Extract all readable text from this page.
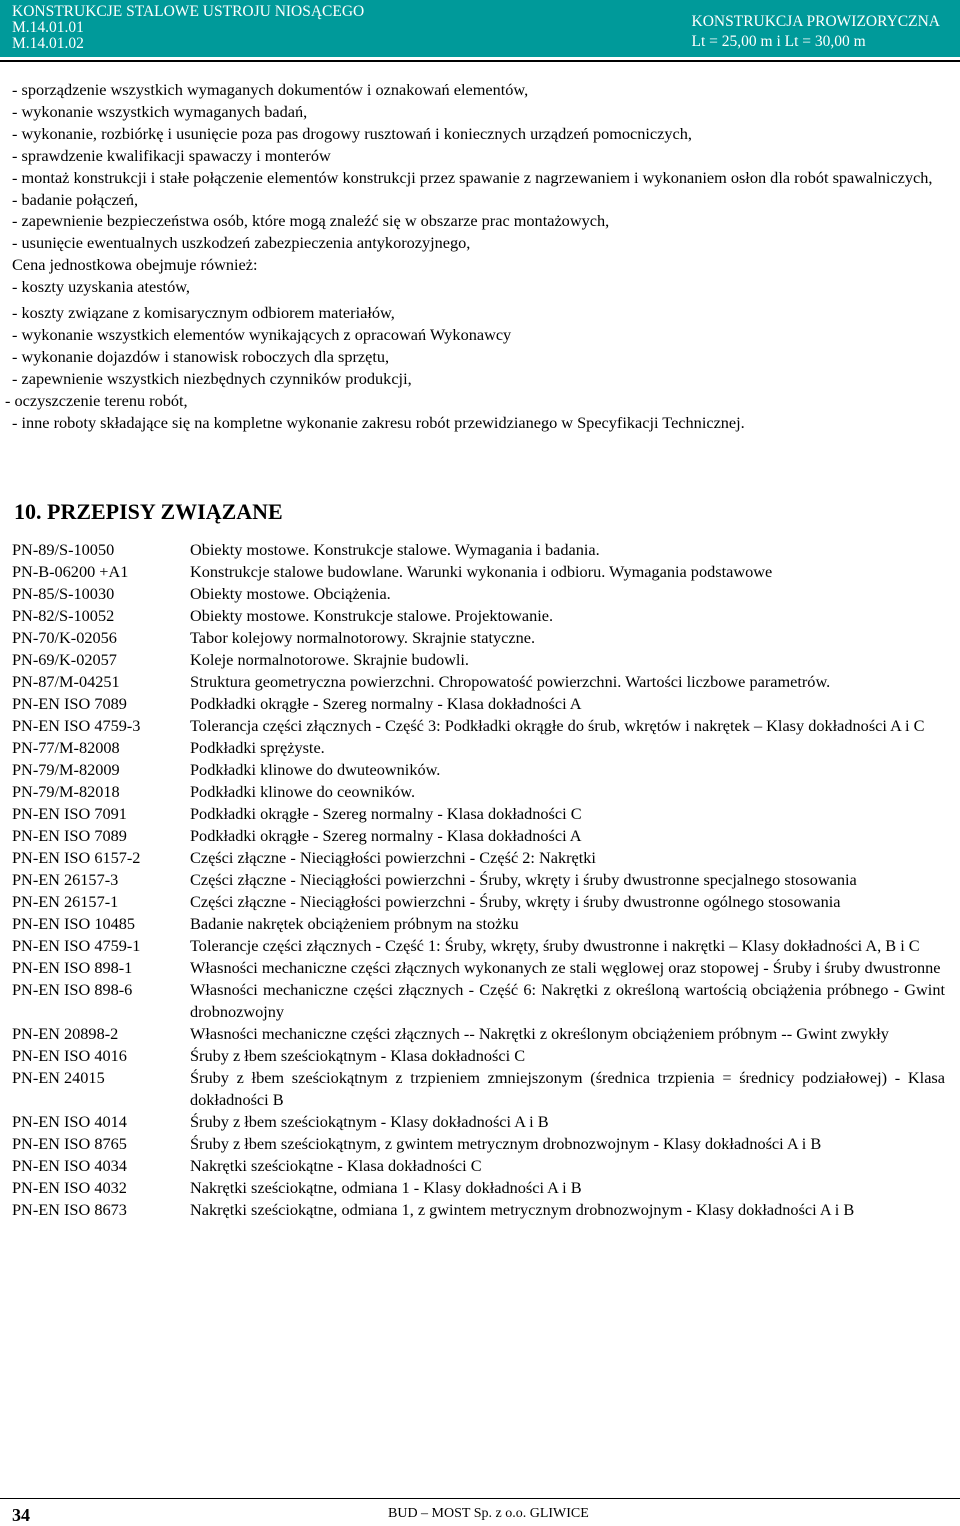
KONSTRUKCJE STALOWE USTROJU NIOSĄCEGO
M.14.01.01
M.14.01.02
KONSTRUKCJA PROWIZORYCZNA
Lt = 25,00 m i Lt = 30,00 m
- sporządzenie wszystkich wymaganych dokumentów i oznakowań elementów,
- wykonanie wszystkich wymaganych badań,
- wykonanie, rozbiórkę i usunięcie poza pas drogowy rusztowań i koniecznych urządzeń pomocniczych,
- sprawdzenie kwalifikacji spawaczy i monterów
- montaż konstrukcji i stałe połączenie elementów konstrukcji przez spawanie z nagrzewaniem i wykonaniem osłon dla robót spawalniczych,
- badanie połączeń,
- zapewnienie bezpieczeństwa osób, które mogą znaleźć się w obszarze prac montażowych,
- usunięcie ewentualnych uszkodzeń zabezpieczenia antykorozyjnego,
Cena jednostkowa obejmuje również:
- koszty uzyskania atestów,
- koszty związane z komisarycznym odbiorem materiałów,
- wykonanie wszystkich elementów wynikających z opracowań Wykonawcy
- wykonanie dojazdów i stanowisk roboczych dla sprzętu,
- zapewnienie wszystkich niezbędnych czynników produkcji,
- oczyszczenie terenu robót,
- inne roboty składające się na kompletne wykonanie zakresu robót przewidzianego w Specyfikacji Technicznej.
10. PRZEPISY ZWIĄZANE
PN-89/S-10050	Obiekty mostowe. Konstrukcje stalowe. Wymagania i badania.
PN-B-06200 +A1	Konstrukcje stalowe budowlane. Warunki wykonania i odbioru. Wymagania podstawowe
PN-85/S-10030	Obiekty mostowe. Obciążenia.
PN-82/S-10052	Obiekty mostowe. Konstrukcje stalowe. Projektowanie.
PN-70/K-02056	Tabor kolejowy normalnotorowy. Skrajnie statyczne.
PN-69/K-02057	Koleje normalnotorowe. Skrajnie budowli.
PN-87/M-04251	Struktura geometryczna powierzchni. Chropowatość powierzchni. Wartości liczbowe parametrów.
PN-EN ISO 7089	Podkładki okrągłe - Szereg normalny - Klasa dokładności A
PN-EN ISO 4759-3	Tolerancja części złącznych - Część 3: Podkładki okrągłe do śrub, wkrętów i nakrętek – Klasy dokładności A i C
PN-77/M-82008	Podkładki sprężyste.
PN-79/M-82009	Podkładki klinowe do dwuteowników.
PN-79/M-82018	Podkładki klinowe do ceowników.
PN-EN ISO 7091	Podkładki okrągłe - Szereg normalny - Klasa dokładności C
PN-EN ISO 7089	Podkładki okrągłe - Szereg normalny - Klasa dokładności A
PN-EN ISO 6157-2	Części złączne - Nieciągłości powierzchni - Część 2: Nakrętki
PN-EN 26157-3	Części złączne - Nieciągłości powierzchni - Śruby, wkręty i śruby dwustronne specjalnego stosowania
PN-EN 26157-1	Części złączne - Nieciągłości powierzchni - Śruby, wkręty i śruby dwustronne ogólnego stosowania
PN-EN ISO 10485	Badanie nakrętek obciążeniem próbnym na stożku
PN-EN ISO 4759-1	Tolerancje części złącznych - Część 1: Śruby, wkręty, śruby dwustronne i nakrętki – Klasy dokładności A, B i C
PN-EN ISO 898-1	Własności mechaniczne części złącznych wykonanych ze stali węglowej oraz stopowej - Śruby i śruby dwustronne
PN-EN ISO 898-6	Własności mechaniczne części złącznych - Część 6: Nakrętki z określoną wartością obciążenia próbnego - Gwint drobnozwojny
PN-EN 20898-2	Własności mechaniczne części złącznych -- Nakrętki z określonym obciążeniem próbnym -- Gwint zwykły
PN-EN ISO 4016	Śruby z łbem sześciokątnym - Klasa dokładności C
PN-EN 24015	Śruby z łbem sześciokątnym z trzpieniem zmniejszonym (średnica trzpienia = średnicy podziałowej) - Klasa dokładności B
PN-EN ISO 4014	Śruby z łbem sześciokątnym - Klasy dokładności A i B
PN-EN ISO 8765	Śruby z łbem sześciokątnym, z gwintem metrycznym drobnozwojnym - Klasy dokładności A i B
PN-EN ISO 4034	Nakrętki sześciokątne - Klasa dokładności C
PN-EN ISO 4032	Nakrętki sześciokątne, odmiana 1 - Klasy dokładności A i B
PN-EN ISO 8673	Nakrętki sześciokątne, odmiana 1, z gwintem metrycznym drobnozwojnym - Klasy dokładności A i B
34	BUD – MOST Sp. z o.o. GLIWICE
